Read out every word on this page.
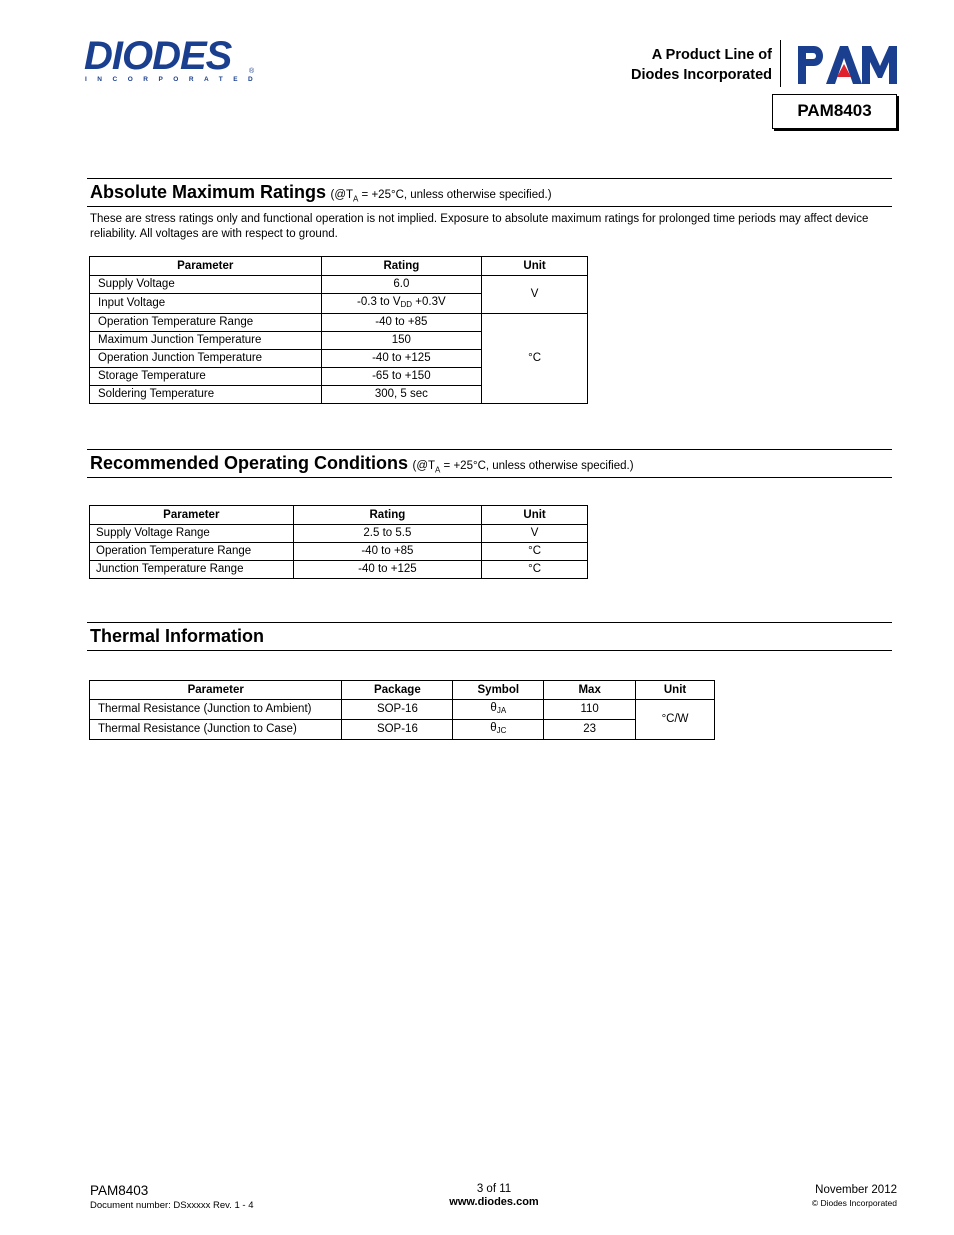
DIODES
INCORPORATED
®
A Product Line of
Diodes Incorporated
PAM8403
Absolute Maximum Ratings ($@T_A = +25^\circ C$, unless otherwise specified.)
These are stress ratings only and functional operation is not implied. Exposure to absolute maximum ratings for prolonged time periods may affect device reliability. All voltages are with respect to ground.
Parameter	Rating	Unit
Supply Voltage	6.0	V
Input Voltage	-0.3 to $V_{DD} +0.3V$	
Operation Temperature Range	-40 to +85	°C
Maximum Junction Temperature	150	
Operation Junction Temperature	-40 to +125	
Storage Temperature	-65 to +150	
Soldering Temperature	300, 5 sec	
Recommended Operating Conditions ($@T_A = +25^\circ C$, unless otherwise specified.)
Parameter	Rating	Unit
Supply Voltage Range	2.5 to 5.5	V
Operation Temperature Range	-40 to +85	°C
Junction Temperature Range	-40 to +125	°C
Thermal Information
Parameter	Package	Symbol	Max	Unit
Thermal Resistance (Junction to Ambient)	SOP-16	$\theta_{JA}$	110	°C/W
Thermal Resistance (Junction to Case)	SOP-16	$\theta_{JC}$	23	
PAM8403
Document number: DSxxxxx Rev. 1 - 4
3 of 11
www.diodes.com
November 2012
© Diodes Incorporated
